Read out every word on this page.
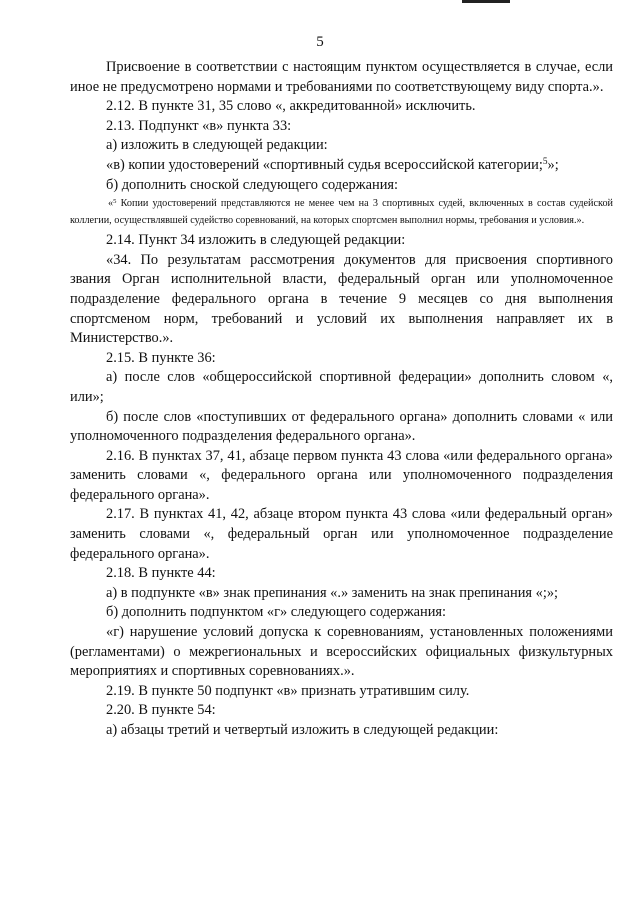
5

Присвоение в соответствии с настоящим пунктом осуществляется в случае, если иное не предусмотрено нормами и требованиями по соответствующему виду спорта.».

2.12. В пункте 31, 35 слово «, аккредитованной» исключить.

2.13. Подпункт «в» пункта 33:

а) изложить в следующей редакции:

«в) копии удостоверений «спортивный судья всероссийской категории;$^5$»;

б) дополнить сноской следующего содержания:

«$^5$ Копии удостоверений представляются не менее чем на 3 спортивных судей, включенных в состав судейской коллегии, осуществлявшей судейство соревнований, на которых спортсмен выполнил нормы, требования и условия.».

2.14. Пункт 34 изложить в следующей редакции:

«34. По результатам рассмотрения документов для присвоения спортивного звания Орган исполнительной власти, федеральный орган или уполномоченное подразделение федерального органа в течение 9 месяцев со дня выполнения спортсменом норм, требований и условий их выполнения направляет их в Министерство.».

2.15. В пункте 36:

а) после слов «общероссийской спортивной федерации» дополнить словом «, или»;

б) после слов «поступивших от федерального органа» дополнить словами « или уполномоченного подразделения федерального органа».

2.16. В пунктах 37, 41, абзаце первом пункта 43 слова «или федерального органа» заменить словами «, федерального органа или уполномоченного подразделения федерального органа».

2.17. В пунктах 41, 42, абзаце втором пункта 43 слова «или федеральный орган» заменить словами «, федеральный орган или уполномоченное подразделение федерального органа».

2.18. В пункте 44:

а) в подпункте «в» знак препинания «.» заменить на знак препинания «;»;

б) дополнить подпунктом «г» следующего содержания:

«г) нарушение условий допуска к соревнованиям, установленных положениями (регламентами) о межрегиональных и всероссийских официальных физкультурных мероприятиях и спортивных соревнованиях.».

2.19. В пункте 50 подпункт «в» признать утратившим силу.

2.20. В пункте 54:

а) абзацы третий и четвертый изложить в следующей редакции:
